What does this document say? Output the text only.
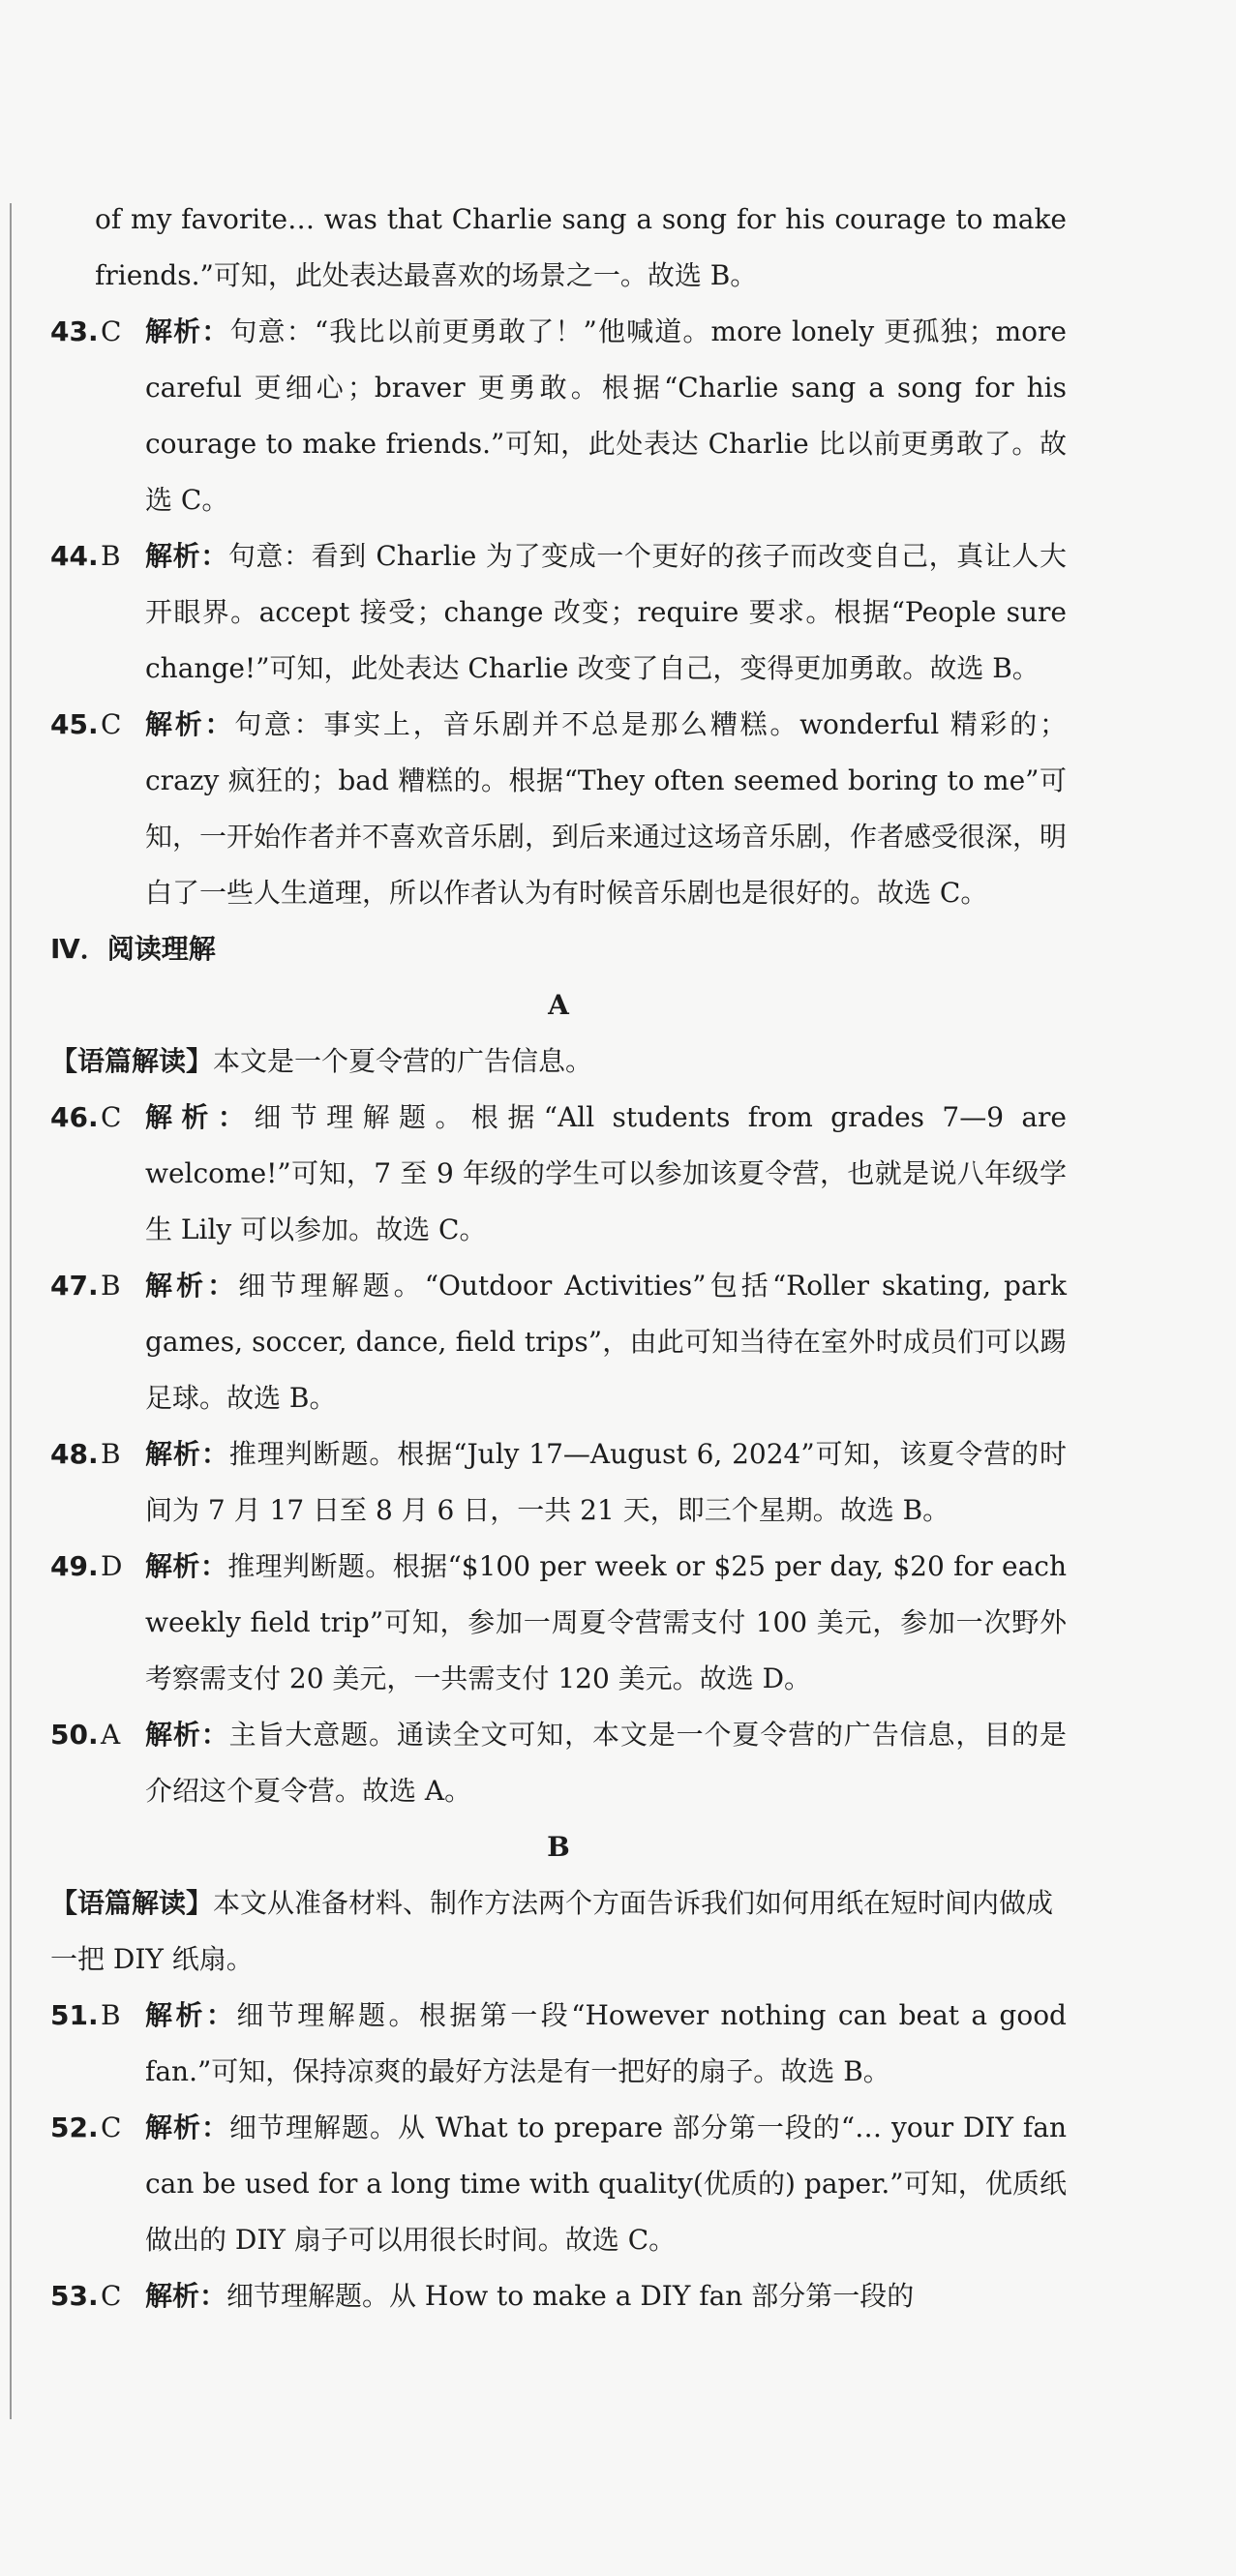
of my favorite… was that Charlie sang a song for his courage to make friends.”可知，此处表达最喜欢的场景之一。故选 B。

43. C 解析：句意：“我比以前更勇敢了！”他喊道。more lonely 更孤独；more careful 更细心；braver 更勇敢。根据“Charlie sang a song for his courage to make friends.”可知，此处表达 Charlie 比以前更勇敢了。故选 C。
44. B 解析：句意：看到 Charlie 为了变成一个更好的孩子而改变自己，真让人大开眼界。accept 接受；change 改变；require 要求。根据“People sure change!”可知，此处表达 Charlie 改变了自己，变得更加勇敢。故选 B。
45. C 解析：句意：事实上，音乐剧并不总是那么糟糕。wonderful 精彩的；crazy 疯狂的；bad 糟糕的。根据“They often seemed boring to me”可知，一开始作者并不喜欢音乐剧，到后来通过这场音乐剧，作者感受很深，明白了一些人生道理，所以作者认为有时候音乐剧也是很好的。故选 C。

Ⅳ．阅读理解

A

【语篇解读】本文是一个夏令营的广告信息。

46. C 解析：细节理解题。根据“All students from grades 7—9 are welcome!”可知，7 至 9 年级的学生可以参加该夏令营，也就是说八年级学生 Lily 可以参加。故选 C。
47. B 解析：细节理解题。“Outdoor Activities”包括“Roller skating, park games, soccer, dance, field trips”，由此可知当待在室外时成员们可以踢足球。故选 B。
48. B 解析：推理判断题。根据“July 17—August 6, 2024”可知，该夏令营的时间为 7 月 17 日至 8 月 6 日，一共 21 天，即三个星期。故选 B。
49. D 解析：推理判断题。根据“$100 per week or $25 per day, $20 for each weekly field trip”可知，参加一周夏令营需支付 100 美元，参加一次野外考察需支付 20 美元，一共需支付 120 美元。故选 D。
50. A 解析：主旨大意题。通读全文可知，本文是一个夏令营的广告信息，目的是介绍这个夏令营。故选 A。

B

【语篇解读】本文从准备材料、制作方法两个方面告诉我们如何用纸在短时间内做成一把 DIY 纸扇。

51. B 解析：细节理解题。根据第一段“However nothing can beat a good fan.”可知，保持凉爽的最好方法是有一把好的扇子。故选 B。
52. C 解析：细节理解题。从 What to prepare 部分第一段的“… your DIY fan can be used for a long time with quality(优质的) paper.”可知，优质纸做出的 DIY 扇子可以用很长时间。故选 C。
53. C 解析：细节理解题。从 How to make a DIY fan 部分第一段的
